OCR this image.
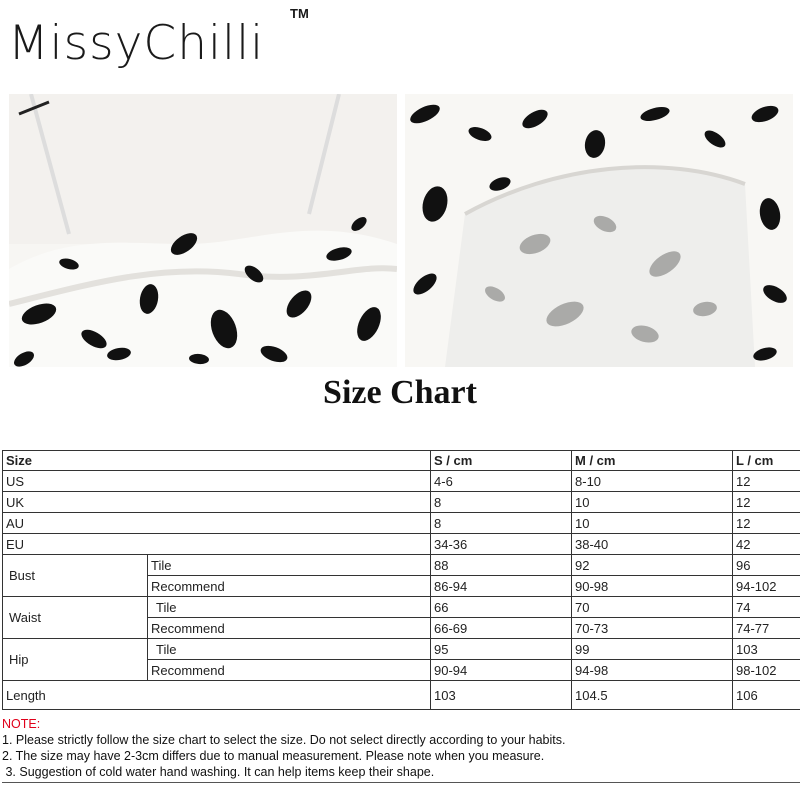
MissyChilli
TM
Size Chart
Size		S / cm	M / cm	L / cm
US		4-6	8-10	12
UK		8	10	12
AU		8	10	12
EU		34-36	38-40	42
Bust	Tile	88	92	96
	Recommend	86-94	90-98	94-102
Waist	Tile	66	70	74
	Recommend	66-69	70-73	74-77
Hip	Tile	95	99	103
	Recommend	90-94	94-98	98-102
Length		103	104.5	106
NOTE:
1. Please strictly follow the size chart to select the size. Do not select directly according to your habits.
2. The size may have 2-3cm differs due to manual measurement. Please note when you measure.
3. Suggestion of cold water hand washing. It can help items keep their shape.
